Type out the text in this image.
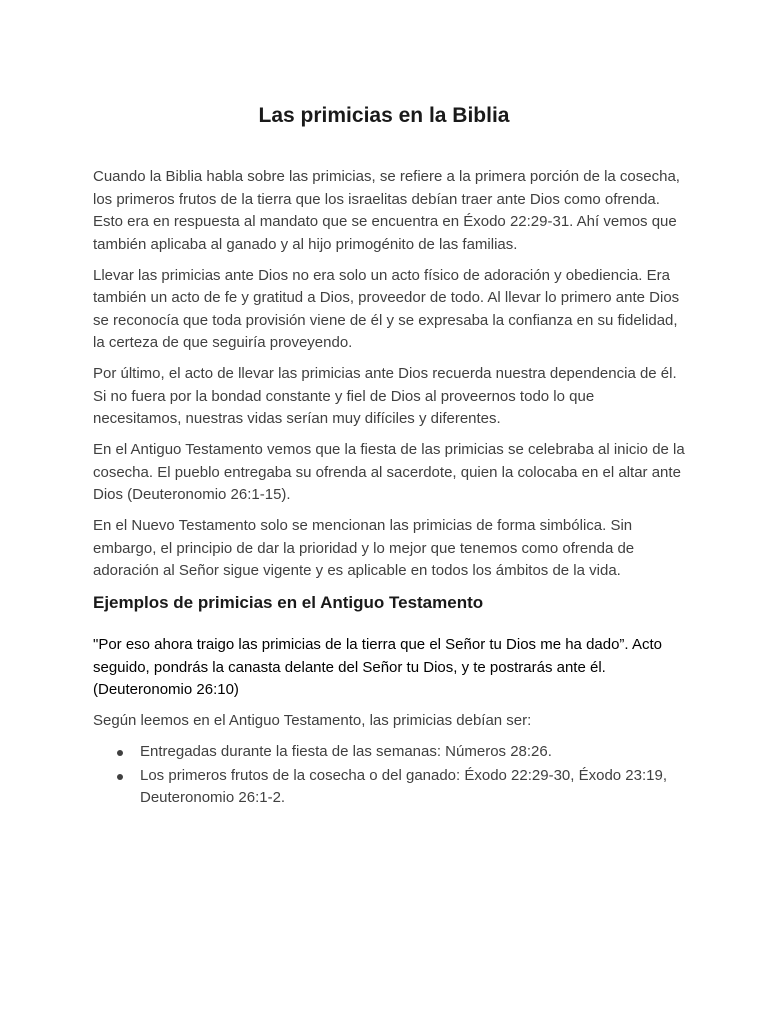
Las primicias en la Biblia

Cuando la Biblia habla sobre las primicias, se refiere a la primera porción de la cosecha, los primeros frutos de la tierra que los israelitas debían traer ante Dios como ofrenda. Esto era en respuesta al mandato que se encuentra en Éxodo 22:29-31. Ahí vemos que también aplicaba al ganado y al hijo primogénito de las familias.

Llevar las primicias ante Dios no era solo un acto físico de adoración y obediencia. Era también un acto de fe y gratitud a Dios, proveedor de todo. Al llevar lo primero ante Dios se reconocía que toda provisión viene de él y se expresaba la confianza en su fidelidad, la certeza de que seguiría proveyendo.

Por último, el acto de llevar las primicias ante Dios recuerda nuestra dependencia de él. Si no fuera por la bondad constante y fiel de Dios al proveernos todo lo que necesitamos, nuestras vidas serían muy difíciles y diferentes.

En el Antiguo Testamento vemos que la fiesta de las primicias se celebraba al inicio de la cosecha. El pueblo entregaba su ofrenda al sacerdote, quien la colocaba en el altar ante Dios (Deuteronomio 26:1-15).

En el Nuevo Testamento solo se mencionan las primicias de forma simbólica. Sin embargo, el principio de dar la prioridad y lo mejor que tenemos como ofrenda de adoración al Señor sigue vigente y es aplicable en todos los ámbitos de la vida.

Ejemplos de primicias en el Antiguo Testamento

"Por eso ahora traigo las primicias de la tierra que el Señor tu Dios me ha dado”. Acto seguido, pondrás la canasta delante del Señor tu Dios, y te postrarás ante él. (Deuteronomio 26:10)

Según leemos en el Antiguo Testamento, las primicias debían ser:

Entregadas durante la fiesta de las semanas: Números 28:26.
Los primeros frutos de la cosecha o del ganado: Éxodo 22:29-30, Éxodo 23:19, Deuteronomio 26:1-2.
